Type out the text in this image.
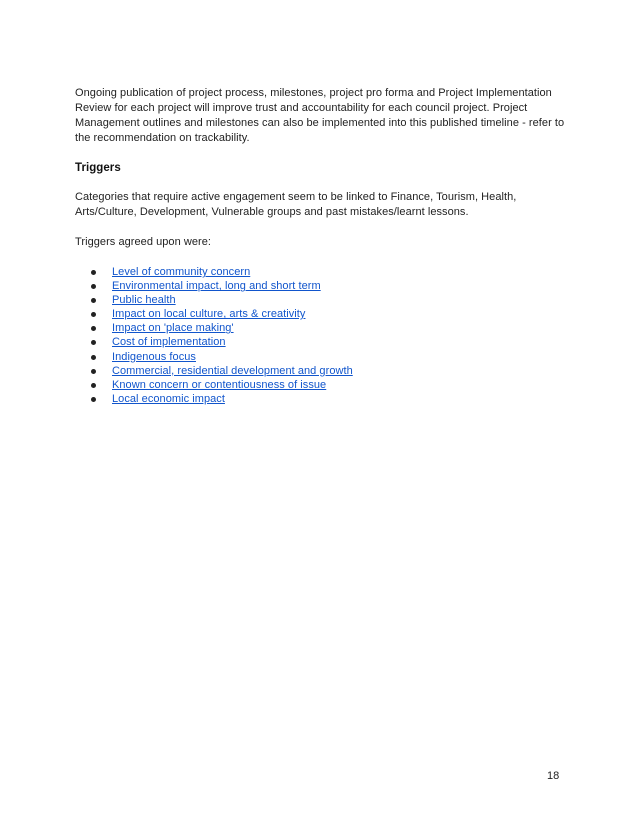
Ongoing publication of project process, milestones, project pro forma and Project Implementation Review for each project will improve trust and accountability for each council project. Project Management outlines and milestones can also be implemented into this published timeline - refer to the recommendation on trackability.

Triggers

Categories that require active engagement seem to be linked to Finance, Tourism, Health, Arts/Culture, Development, Vulnerable groups and past mistakes/learnt lessons.

Triggers agreed upon were:

Level of community concern
Environmental impact, long and short term
Public health
Impact on local culture, arts & creativity
Impact on 'place making'
Cost of implementation
Indigenous focus
Commercial, residential development and growth
Known concern or contentiousness of issue
Local economic impact
18
